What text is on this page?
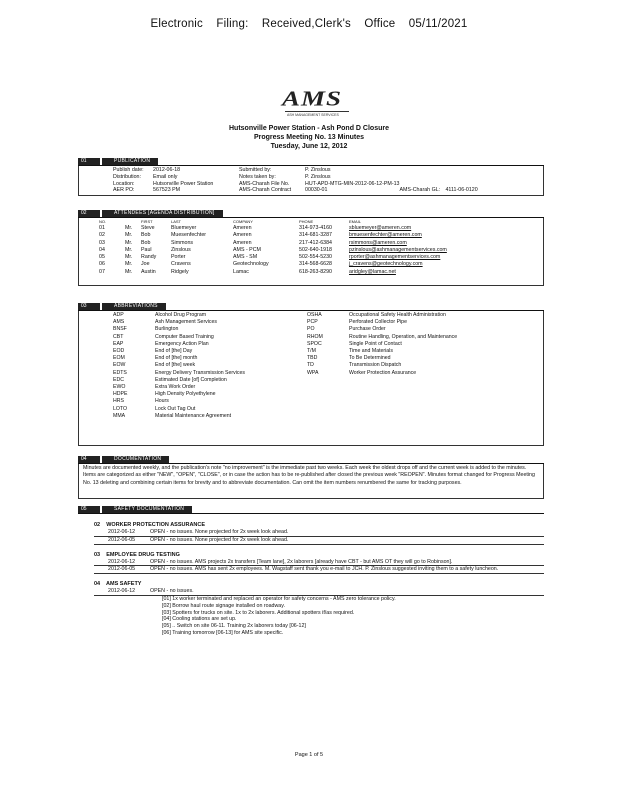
Electronic Filing: Received,Clerk's Office 05/11/2021
AMS
ASH MANAGEMENT SERVICES
Hutsonville Power Station - Ash Pond D Closure
Progress Meeting No. 13 Minutes
Tuesday, June 12, 2012
01	PUBLICATION
Publish date:	2012-06-18	Submitted by:	P. Zinslous		
Distribution:	Email only	Notes taken by:	P. Zinslous		
Location:	Hutsonville Power Station	AMS-Charah File No.	HUT-APD-MTG-MIN-2012-06-12-PM-13		
AER PO:	567523 PM	AMS-Charah Contract	00030-01	AMS-Charah GL:	4111-06-0120
02	ATTENDEES [AGENDA DISTRIBUTION]
NO.		FIRST	LAST	COMPANY	PHONE	EMAIL
01	Mr.	Steve	Bluemeyer	Ameren	314-973-4160	sbluemeyer@ameren.com
02	Mr.	Bob	Muesenfechter	Ameren	314-681-3287	bmuesenfechter@ameren.com
03	Mr.	Bob	Simmons	Ameren	217-412-6384	rsimmons@ameren.com
04	Mr.	Paul	Zinslous	AMS - PCM	502-640-1918	pzinslous@ashmanagementservices.com
05	Mr.	Randy	Porter	AMS - SM	502-554-5230	rporter@ashmanagementservices.com
06	Mr.	Joe	Cravens	Geotechnology	314-568-6628	j_cravens@geotechnology.com
07	Mr.	Austin	Ridgely	Lamac	618-263-8290	aridgley@lamac.net
03	ABBREVIATIONS
ADP	Alcohol Drug Program
AMS	Ash Management Services
BNSF	Burlington
CBT	Computer Based Training
EAP	Emergency Action Plan
EOD	End of [the] Day
EOM	End of [the] month
EOW	End of [the] week
EDTS	Energy Delivery Transmission Services
EDC	Estimated Date [of] Completion
EWO	Extra Work Order
HDPE	High Density Polyethylene
HRS	Hours
LOTO	Lock Out Tag Out
MMA	Material Maintenance Agreement
OSHA	Occupational Safety Health Administration
PCP	Perforated Collector Pipe
PO	Purchase Order
RHOM	Routine Handling, Operation, and Maintenance
SPOC	Single Point of Contact
T/M	Time and Materials
TBD	To Be Determined
TD	Transmission Dispatch
WPA	Worker Protection Assurance
04	DOCUMENTATION

Minutes are documented weekly, and the publication's note "no improvement" is the immediate past two weeks. Each week the oldest drops off and the current week is added to the minutes. Items are categorized as either "NEW", "OPEN", "CLOSE", or in case the action has to be re-published after closed the previous week "REOPEN". Minutes format changed for Progress Meeting No. 13 deleting and combining certain items for brevity and to abbreviate documentation. Can omit the item numbers renumbered the same for tracking purposes.

05	SAFETY DOCUMENTATION
02    WORKER PROTECTION ASSURANCE
2012-06-12	OPEN - no issues. None projected for 2x week look ahead.
2012-06-05	OPEN - no issues. None projected for 2x week look ahead.
03    EMPLOYEE DRUG TESTING
2012-06-12	OPEN - no issues. AMS projects 2x transfers [Team lane], 2x laborers [already have CBT - but AMS OT they will go to Robinson].
2012-06-05	OPEN - no issues. AMS has sent 2x employees. M. Wagstaff sent thank you e-mail to JCH. P. Zinslous suggested inviting them to a safety luncheon.
04    AMS SAFETY
2012-06-12	OPEN - no issues.
[01] 1x worker terminated and replaced an operator for safety concerns - AMS zero tolerance policy.
[02] Borrow haul route signage installed on roadway.
[03] Spotters for trucks on site. 1x to 2x laborers. Additional spotters if/as required.
[04] Cooling stations are set up.
[05] .. Switch on site 06-11. Training 2x laborers today [06-12]
[06] Training tomorrow [06-13] for AMS site specific.
Page 1 of 5
